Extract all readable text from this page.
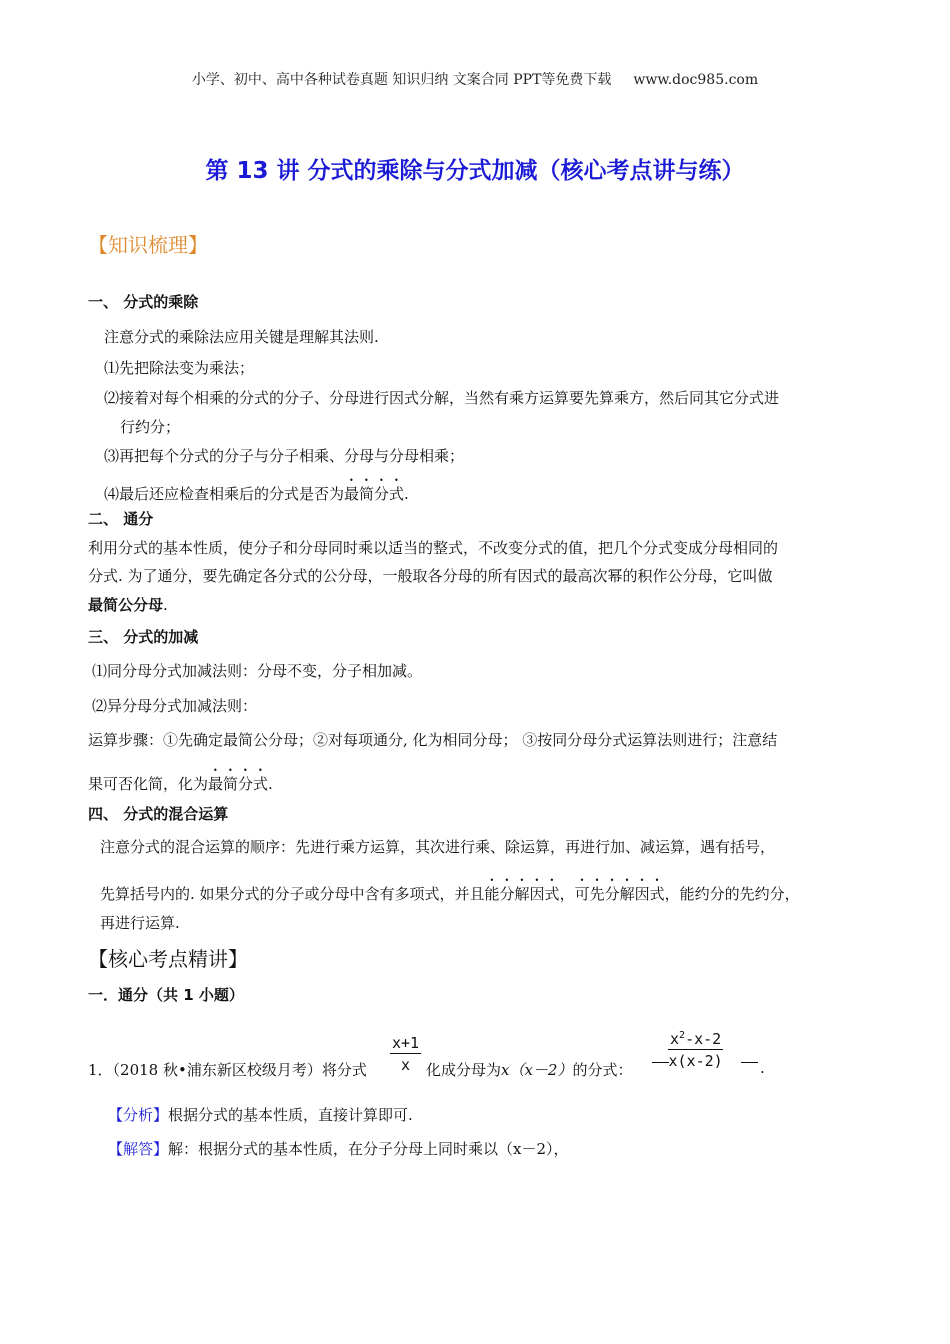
小学、初中、高中各种试卷真题 知识归纳 文案合同 PPT等免费下载 www.doc985.com
第 13 讲 分式的乘除与分式加减（核心考点讲与练）
【知识梳理】
一、 分式的乘除
注意分式的乘除法应用关键是理解其法则.
⑴先把除法变为乘法；
⑵接着对每个相乘的分式的分子、分母进行因式分解，当然有乘方运算要先算乘方，然后同其它分式进
行约分；
⑶再把每个分式的分子与分子相乘、分母与分母相乘；
⑷最后还应检查相乘后的分式是否为最简分式.
二、 通分
利用分式的基本性质，使分子和分母同时乘以适当的整式，不改变分式的值，把几个分式变成分母相同的
分式. 为了通分，要先确定各分式的公分母，一般取各分母的所有因式的最高次幂的积作公分母，它叫做
最简公分母.
三、 分式的加减
⑴同分母分式加减法则：分母不变，分子相加减。
⑵异分母分式加减法则：
运算步骤：①先确定最简公分母；②对每项通分, 化为相同分母； ③按同分母分式运算法则进行；注意结
果可否化简，化为最简分式.
四、 分式的混合运算
注意分式的混合运算的顺序：先进行乘方运算，其次进行乘、除运算，再进行加、减运算，遇有括号，
先算括号内的. 如果分式的分子或分母中含有多项式，并且能分解因式，可先分解因式，能约分的先约分，
再进行运算.
【核心考点精讲】
一．通分（共 1 小题）
1．（2018 秋•浦东新区校级月考）将分式 $\frac{x+1}{x}$ 化成分母为x（x－2）的分式： $\frac{x^2-x-2}{x(x-2)}$ .
【分析】根据分式的基本性质，直接计算即可.
【解答】解：根据分式的基本性质，在分子分母上同时乘以（x－2），
